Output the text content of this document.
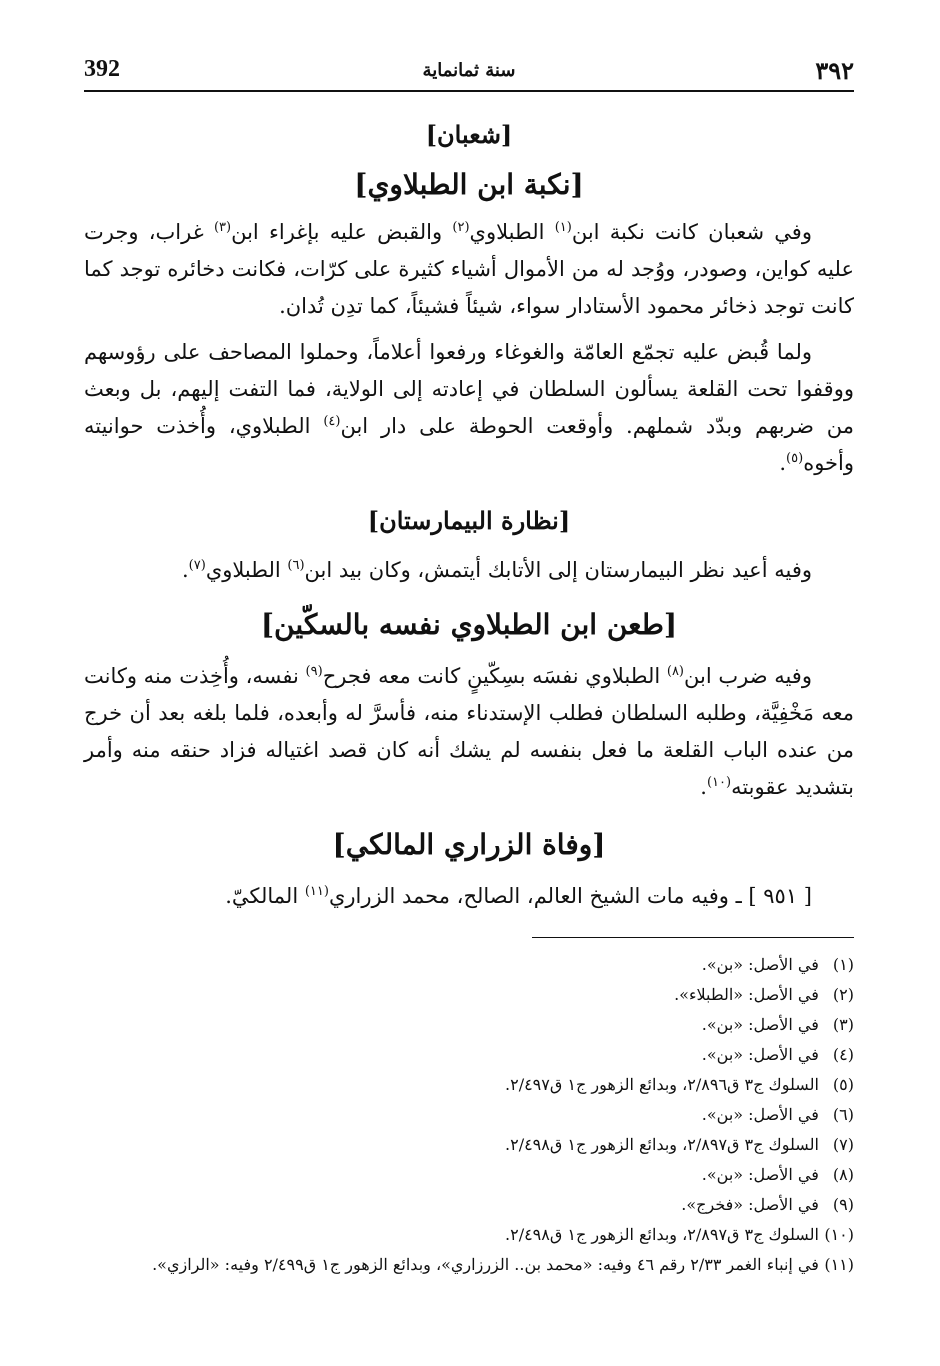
392	سنة ثمانماية	٣٩٢
[شعبان]
[نكبة ابن الطبلاوي]

وفي شعبان كانت نكبة ابن$^{(١)}$ الطبلاوي$^{(٢)}$ والقبض عليه بإغراء ابن$^{(٣)}$ غراب، وجرت عليه كواين، وصودر، ووُجد له من الأموال أشياء كثيرة على كرّات، فكانت دخائره توجد كما كانت توجد ذخائر محمود الأستادار سواء، شيئاً فشيئاً، كما تدِن تُدان.

ولما قُبض عليه تجمّع العامّة والغوغاء ورفعوا أعلاماً، وحملوا المصاحف على رؤوسهم ووقفوا تحت القلعة يسألون السلطان في إعادته إلى الولاية، فما التفت إليهم، بل وبعث من ضربهم وبدّد شملهم. وأوقعت الحوطة على دار ابن$^{(٤)}$ الطبلاوي، وأُخذت حوانيته وأخوه$^{(٥)}$.

[نظارة البيمارستان]

وفيه أعيد نظر البيمارستان إلى الأتابك أيتمش، وكان بيد ابن$^{(٦)}$ الطبلاوي$^{(٧)}$.

[طعن ابن الطبلاوي نفسه بالسكّين]

وفيه ضرب ابن$^{(٨)}$ الطبلاوي نفسَه بسِكّينٍ كانت معه فجرح$^{(٩)}$ نفسه، وأُخِذت منه وكانت معه مَخْفِيَّة، وطلبه السلطان فطلب الإستدناء منه، فأسرَّ له وأبعده، فلما بلغه بعد أن خرج من عنده الباب القلعة ما فعل بنفسه لم يشك أنه كان قصد اغتياله فزاد حنقه منه وأمر بتشديد عقوبته$^{(١٠)}$.

[وفاة الزراري المالكي]

[ ٩٥١ ] ـ وفيه مات الشيخ العالم، الصالح، محمد الزراري$^{(١١)}$ المالكيّ.

(١) في الأصل: «بن».
(٢) في الأصل: «الطبلاء».
(٣) في الأصل: «بن».
(٤) في الأصل: «بن».
(٥) السلوك ج٣ ق٢/٨٩٦، وبدائع الزهور ج١ ق٢/٤٩٧.
(٦) في الأصل: «بن».
(٧) السلوك ج٣ ق٢/٨٩٧، وبدائع الزهور ج١ ق٢/٤٩٨.
(٨) في الأصل: «بن».
(٩) في الأصل: «فخرج».
(١٠) السلوك ج٣ ق٢/٨٩٧، وبدائع الزهور ج١ ق٢/٤٩٨.
(١١) في إنباء الغمر ٢/٣٣ رقم ٤٦ وفيه: «محمد بن.. الزرزاري»، وبدائع الزهور ج١ ق٢/٤٩٩ وفيه: «الرازي».
